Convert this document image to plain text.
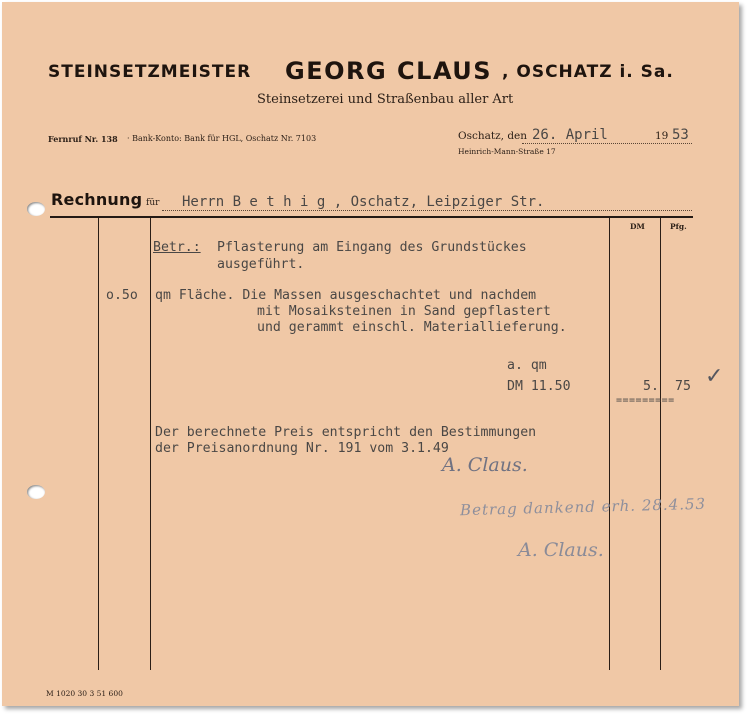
STEINSETZMEISTER GEORG CLAUS , OSCHATZ i. Sa.
Steinsetzerei und Straßenbau aller Art
Fernruf Nr. 138 · Bank-Konto: Bank für HGL, Oschatz Nr. 7103	Oschatz, den 26. April	19 53
Heinrich-Mann-Straße 17
Rechnung für Herrn B e t h i g , Oschatz, Leipziger Str.
DM	Pfg.
Betr.: Pflasterung am Eingang des Grundstückes
ausgeführt.
o.5o qm Fläche. Die Massen ausgeschachtet und nachdem
mit Mosaiksteinen in Sand gepflastert
und gerammt einschl. Materiallieferung.
a. qm
DM 11.50	5. 75 ✓
=========
Der berechnete Preis entspricht den Bestimmungen
der Preisanordnung Nr. 191 vom 3.1.49
A. Claus.
Betrag dankend erh. 28.4.53
A. Claus.
M 1020 30 3 51 600
